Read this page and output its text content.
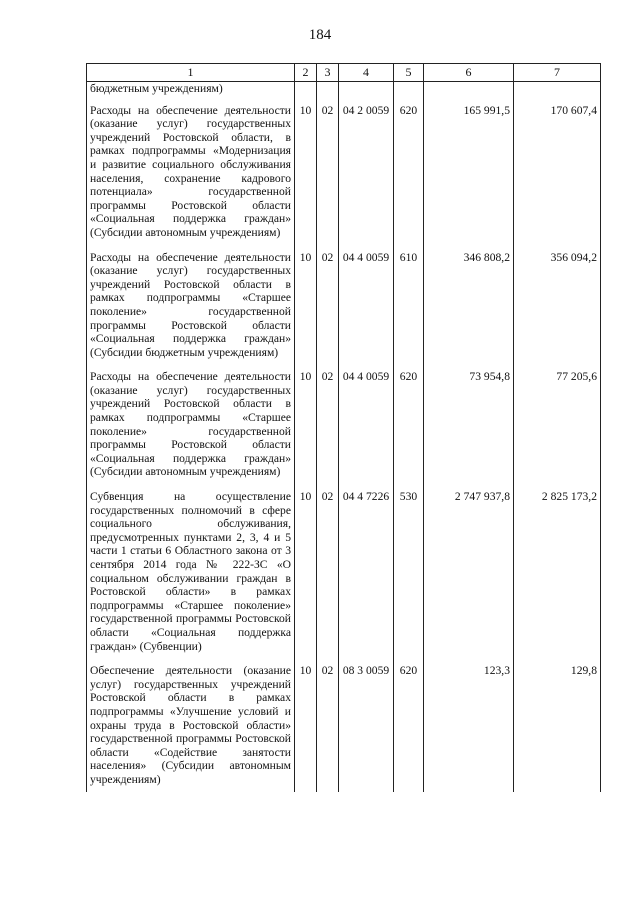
184
1	2	3	4	5	6	7
бюджетным учреждениям)						
Расходы на обеспечение деятельности (оказание услуг) государственных учреждений Ростовской области, в рамках подпрограммы «Модернизация и развитие социального обслуживания населения, сохранение кадрового потенциала» государственной программы Ростовской области «Социальная поддержка граждан» (Субсидии автономным учреждениям)	10	02	04 2 0059	620	165 991,5	170 607,4
Расходы на обеспечение деятельности (оказание услуг) государственных учреждений Ростовской области в рамках подпрограммы «Старшее поколение» государственной программы Ростовской области «Социальная поддержка граждан» (Субсидии бюджетным учреждениям)	10	02	04 4 0059	610	346 808,2	356 094,2
Расходы на обеспечение деятельности (оказание услуг) государственных учреждений Ростовской области в рамках подпрограммы «Старшее поколение» государственной программы Ростовской области «Социальная поддержка граждан» (Субсидии автономным учреждениям)	10	02	04 4 0059	620	73 954,8	77 205,6
Субвенция на осуществление государственных полномочий в сфере социального обслуживания, предусмотренных пунктами 2, 3, 4 и 5 части 1 статьи 6 Областного закона от 3 сентября 2014 года № 222-ЗС «О социальном обслуживании граждан в Ростовской области» в рамках подпрограммы «Старшее поколение» государственной программы Ростовской области «Социальная поддержка граждан» (Субвенции)	10	02	04 4 7226	530	2 747 937,8	2 825 173,2
Обеспечение деятельности (оказание услуг) государственных учреждений Ростовской области в рамках подпрограммы «Улучшение условий и охраны труда в Ростовской области» государственной программы Ростовской области «Содействие занятости населения» (Субсидии автономным учреждениям)	10	02	08 3 0059	620	123,3	129,8
